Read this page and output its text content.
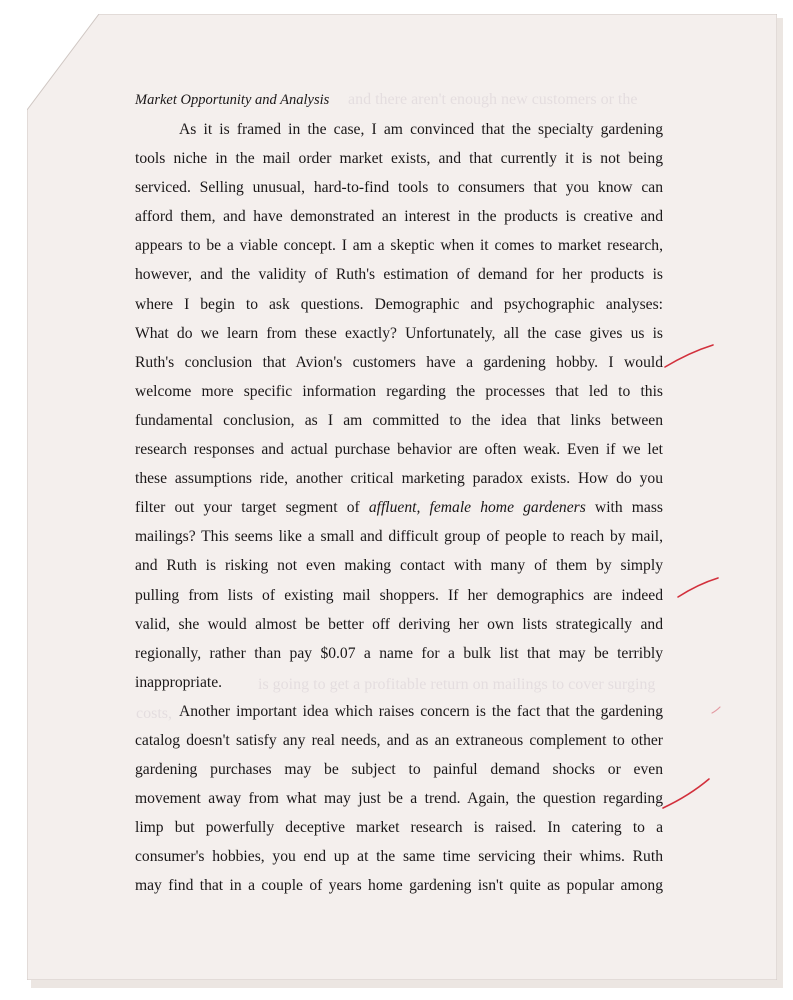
and there aren't enough new customers or the
is going to get a profitable return on mailings to cover surging
costs,
Market Opportunity and Analysis
As it is framed in the case, I am convinced that the specialty gardening
tools niche in the mail order market exists, and that currently it is not being
serviced. Selling unusual, hard-to-find tools to consumers that you know can
afford them, and have demonstrated an interest in the products is creative and
appears to be a viable concept. I am a skeptic when it comes to market research,
however, and the validity of Ruth's estimation of demand for her products is
where I begin to ask questions. Demographic and psychographic analyses:
What do we learn from these exactly? Unfortunately, all the case gives us is
Ruth's conclusion that Avion's customers have a gardening hobby. I would
welcome more specific information regarding the processes that led to this
fundamental conclusion, as I am committed to the idea that links between
research responses and actual purchase behavior are often weak. Even if we let
these assumptions ride, another critical marketing paradox exists. How do you
filter out your target segment of affluent, female home gardeners with mass
mailings? This seems like a small and difficult group of people to reach by mail,
and Ruth is risking not even making contact with many of them by simply
pulling from lists of existing mail shoppers. If her demographics are indeed
valid, she would almost be better off deriving her own lists strategically and
regionally, rather than pay $0.07 a name for a bulk list that may be terribly
inappropriate.
Another important idea which raises concern is the fact that the gardening
catalog doesn't satisfy any real needs, and as an extraneous complement to other
gardening purchases may be subject to painful demand shocks or even
movement away from what may just be a trend. Again, the question regarding
limp but powerfully deceptive market research is raised. In catering to a
consumer's hobbies, you end up at the same time servicing their whims. Ruth
may find that in a couple of years home gardening isn't quite as popular among
